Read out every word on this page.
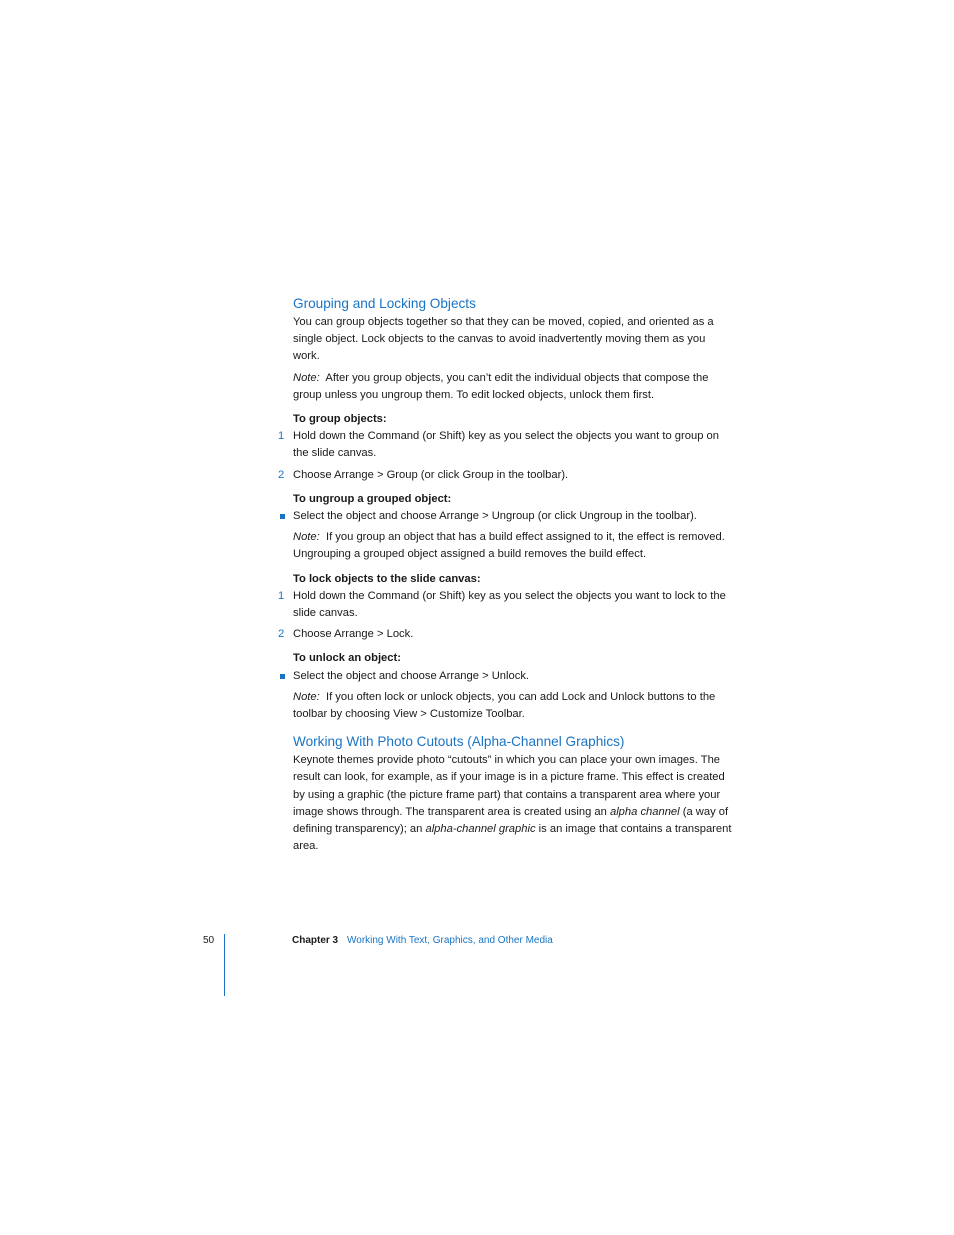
Grouping and Locking Objects

You can group objects together so that they can be moved, copied, and oriented as a single object. Lock objects to the canvas to avoid inadvertently moving them as you work.

Note: After you group objects, you can’t edit the individual objects that compose the group unless you ungroup them. To edit locked objects, unlock them first.

To group objects:

1 Hold down the Command (or Shift) key as you select the objects you want to group on the slide canvas.

2 Choose Arrange > Group (or click Group in the toolbar).

To ungroup a grouped object:

Select the object and choose Arrange > Ungroup (or click Ungroup in the toolbar).

Note: If you group an object that has a build effect assigned to it, the effect is removed. Ungrouping a grouped object assigned a build removes the build effect.

To lock objects to the slide canvas:

1 Hold down the Command (or Shift) key as you select the objects you want to lock to the slide canvas.

2 Choose Arrange > Lock.

To unlock an object:

Select the object and choose Arrange > Unlock.

Note: If you often lock or unlock objects, you can add Lock and Unlock buttons to the toolbar by choosing View > Customize Toolbar.

Working With Photo Cutouts (Alpha-Channel Graphics)

Keynote themes provide photo “cutouts” in which you can place your own images. The result can look, for example, as if your image is in a picture frame. This effect is created by using a graphic (the picture frame part) that contains a transparent area where your image shows through. The transparent area is created using an alpha channel (a way of defining transparency); an alpha-channel graphic is an image that contains a transparent area.

50	Chapter 3 Working With Text, Graphics, and Other Media
